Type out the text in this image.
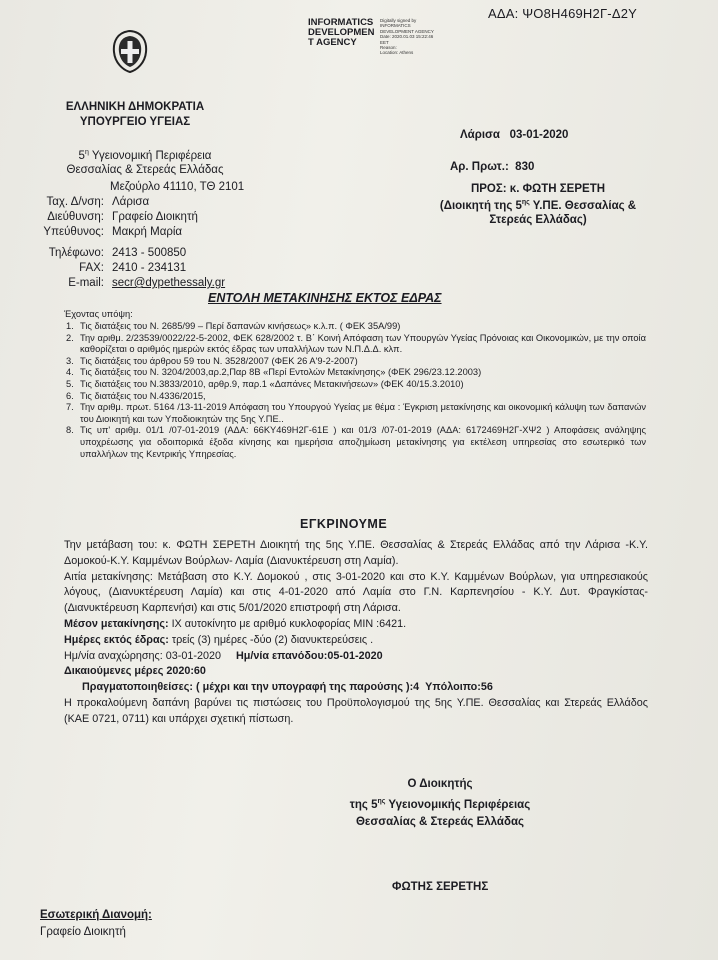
ΑΔΑ: ΨΟ8Η469Η2Γ-Δ2Υ
INFORMATICS DEVELOPMEN T AGENCY
Digitally signed by
INFORMATICS
DEVELOPMENT AGENCY
Date: 2020.01.03 15:22:46
EET
Reason:
Location: Athens
ΕΛΛΗΝΙΚΗ ΔΗΜΟΚΡΑΤΙΑ
ΥΠΟΥΡΓΕΙΟ ΥΓΕΙΑΣ
$5^\eta$ Υγειονομική Περιφέρεια
Θεσσαλίας & Στερεάς Ελλάδας
Μεζούρλο 41110, ΤΘ 2101
Ταχ. Δ/νση: Λάρισα
Διεύθυνση: Γραφείο Διοικητή
Υπεύθυνος: Μακρή Μαρία
Τηλέφωνο: 2413 - 500850
FAX: 2410 - 234131
E-mail: secr@dypethessaly.gr
Λάρισα 03-01-2020
Αρ. Πρωτ.: 830
ΠΡΟΣ: κ. ΦΩΤΗ ΣΕΡΕΤΗ
(Διοικητή της $5^{\eta\varsigma}$ Υ.ΠΕ. Θεσσαλίας &
Στερεάς Ελλάδας)
ΕΝΤΟΛΗ ΜΕΤΑΚΙΝΗΣΗΣ ΕΚΤΟΣ ΕΔΡΑΣ
Έχοντας υπόψη:
1. Τις διατάξεις του Ν. 2685/99 – Περί δαπανών κινήσεως» κ.λ.π. ( ΦΕΚ 35Α/99)
2. Την αριθμ. 2/23539/0022/22-5-2002, ΦΕΚ 628/2002 τ. Β΄ Κοινή Απόφαση των Υπουργών Υγείας Πρόνοιας και Οικονομικών, με την οποία καθορίζεται ο αριθμός ημερών εκτός έδρας των υπαλλήλων των Ν.Π.Δ.Δ. κλπ.
3. Τις διατάξεις του άρθρου 59 του Ν. 3528/2007 (ΦΕΚ 26 Α'9-2-2007)
4. Τις διατάξεις του Ν. 3204/2003,αρ.2,Παρ 8Β «Περί Εντολών Μετακίνησης» (ΦΕΚ 296/23.12.2003)
5. Τις διατάξεις του Ν.3833/2010, αρθρ.9, παρ.1 «Δαπάνες Μετακινήσεων» (ΦΕΚ 40/15.3.2010)
6. Τις διατάξεις του Ν.4336/2015,
7. Την αριθμ. πρωτ. 5164 /13-11-2019 Απόφαση του Υπουργού Υγείας με θέμα : Έγκριση μετακίνησης και οικονομική κάλυψη των δαπανών του Διοικητή και των Υποδιοικητών της 5ης Υ.ΠΕ..
8. Τις υπ' αριθμ. 01/1 /07-01-2019 (ΑΔΑ: 66ΚΥ469Η2Γ-61Ε ) και 01/3 /07-01-2019 (ΑΔΑ: 6172469Η2Γ-ΧΨ2 ) Αποφάσεις ανάληψης υποχρέωσης για οδοιπορικά έξοδα κίνησης και ημερήσια αποζημίωση μετακίνησης για εκτέλεση υπηρεσίας στο εσωτερικό των υπαλλήλων της Κεντρικής Υπηρεσίας.
ΕΓΚΡΙΝΟΥΜΕ
Την μετάβαση του: κ. ΦΩΤΗ ΣΕΡΕΤΗ Διοικητή της 5ης Υ.ΠΕ. Θεσσαλίας & Στερεάς Ελλάδας από την Λάρισα -Κ.Υ. Δομοκού-Κ.Υ. Καμμένων Βούρλων- Λαμία (Διανυκτέρευση στη Λαμία).
Αιτία μετακίνησης: Μετάβαση στο Κ.Υ. Δομοκού , στις 3-01-2020 και στο Κ.Υ. Καμμένων Βούρλων, για υπηρεσιακούς λόγους, (Διανυκτέρευση Λαμία) και στις 4-01-2020 από Λαμία στο Γ.Ν. Καρπενησίου - Κ.Υ. Δυτ. Φραγκίστας-(Διανυκτέρευση Καρπενήσι) και στις 5/01/2020 επιστροφή στη Λάρισα.
Μέσον μετακίνησης: ΙΧ αυτοκίνητο με αριθμό κυκλοφορίας ΜΙΝ :6421.
Ημέρες εκτός έδρας: τρείς (3) ημέρες -δύο (2) διανυκτερεύσεις .
Ημ/νία αναχώρησης: 03-01-2020 Ημ/νία επανόδου:05-01-2020
Δικαιούμενες μέρες 2020:60
Πραγματοποιηθείσες: ( μέχρι και την υπογραφή της παρούσης ):4 Υπόλοιπο:56
Η προκαλούμενη δαπάνη βαρύνει τις πιστώσεις του Προϋπολογισμού της 5ης Υ.ΠΕ. Θεσσαλίας και Στερεάς Ελλάδος (ΚΑΕ 0721, 0711) και υπάρχει σχετική πίστωση.
Ο Διοικητής
της $5^{\eta\varsigma}$ Υγειονομικής Περιφέρειας
Θεσσαλίας & Στερεάς Ελλάδας
ΦΩΤΗΣ ΣΕΡΕΤΗΣ
Εσωτερική Διανομή:
Γραφείο Διοικητή
